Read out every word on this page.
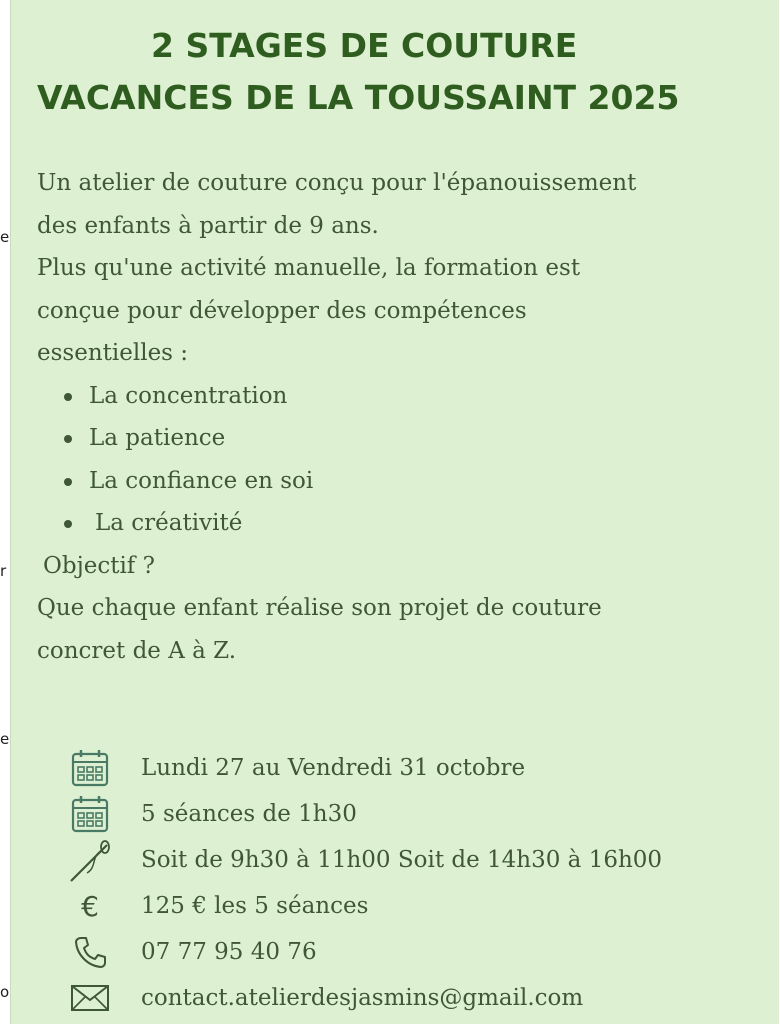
e
r
e
o
2 STAGES DE COUTURE
VACANCES DE LA TOUSSAINT 2025

Un atelier de couture conçu pour l'épanouissement

des enfants à partir de 9 ans.

Plus qu'une activité manuelle, la formation est

conçue pour développer des compétences

essentielles :

La concentration
La patience
La confiance en soi
La créativité

Objectif ?

Que chaque enfant réalise son projet de couture

concret de A à Z.

Lundi 27 au Vendredi 31 octobre
5 séances de 1h30
Soit de 9h30 à 11h00 Soit de 14h30 à 16h00
€	125 € les 5 séances
07 77 95 40 76
contact.atelierdesjasmins@gmail.com
